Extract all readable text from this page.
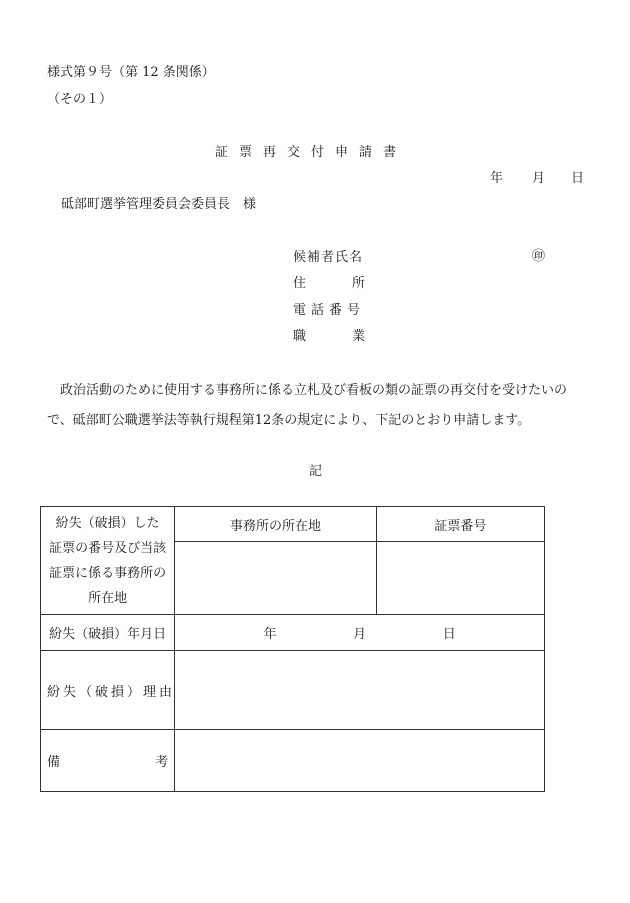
様式第９号（第 12 条関係）
（その１）
証票再交付申請書
年 月 日
砥部町選挙管理委員会委員長　様
候補者氏名	㊞
住	所
電話番号
職	業
政治活動のために使用する事務所に係る立札及び看板の類の証票の再交付を受けたいの
で、砥部町公職選挙法等執行規程第12条の規定により、下記のとおり申請します。
記
紛失（破損）した
証票の番号及び当該
証票に係る事務所の
所在地	事務所の所在地	証票番号

紛失（破損）年月日	年 月 日	

紛失（破損）理由		

備 考		
